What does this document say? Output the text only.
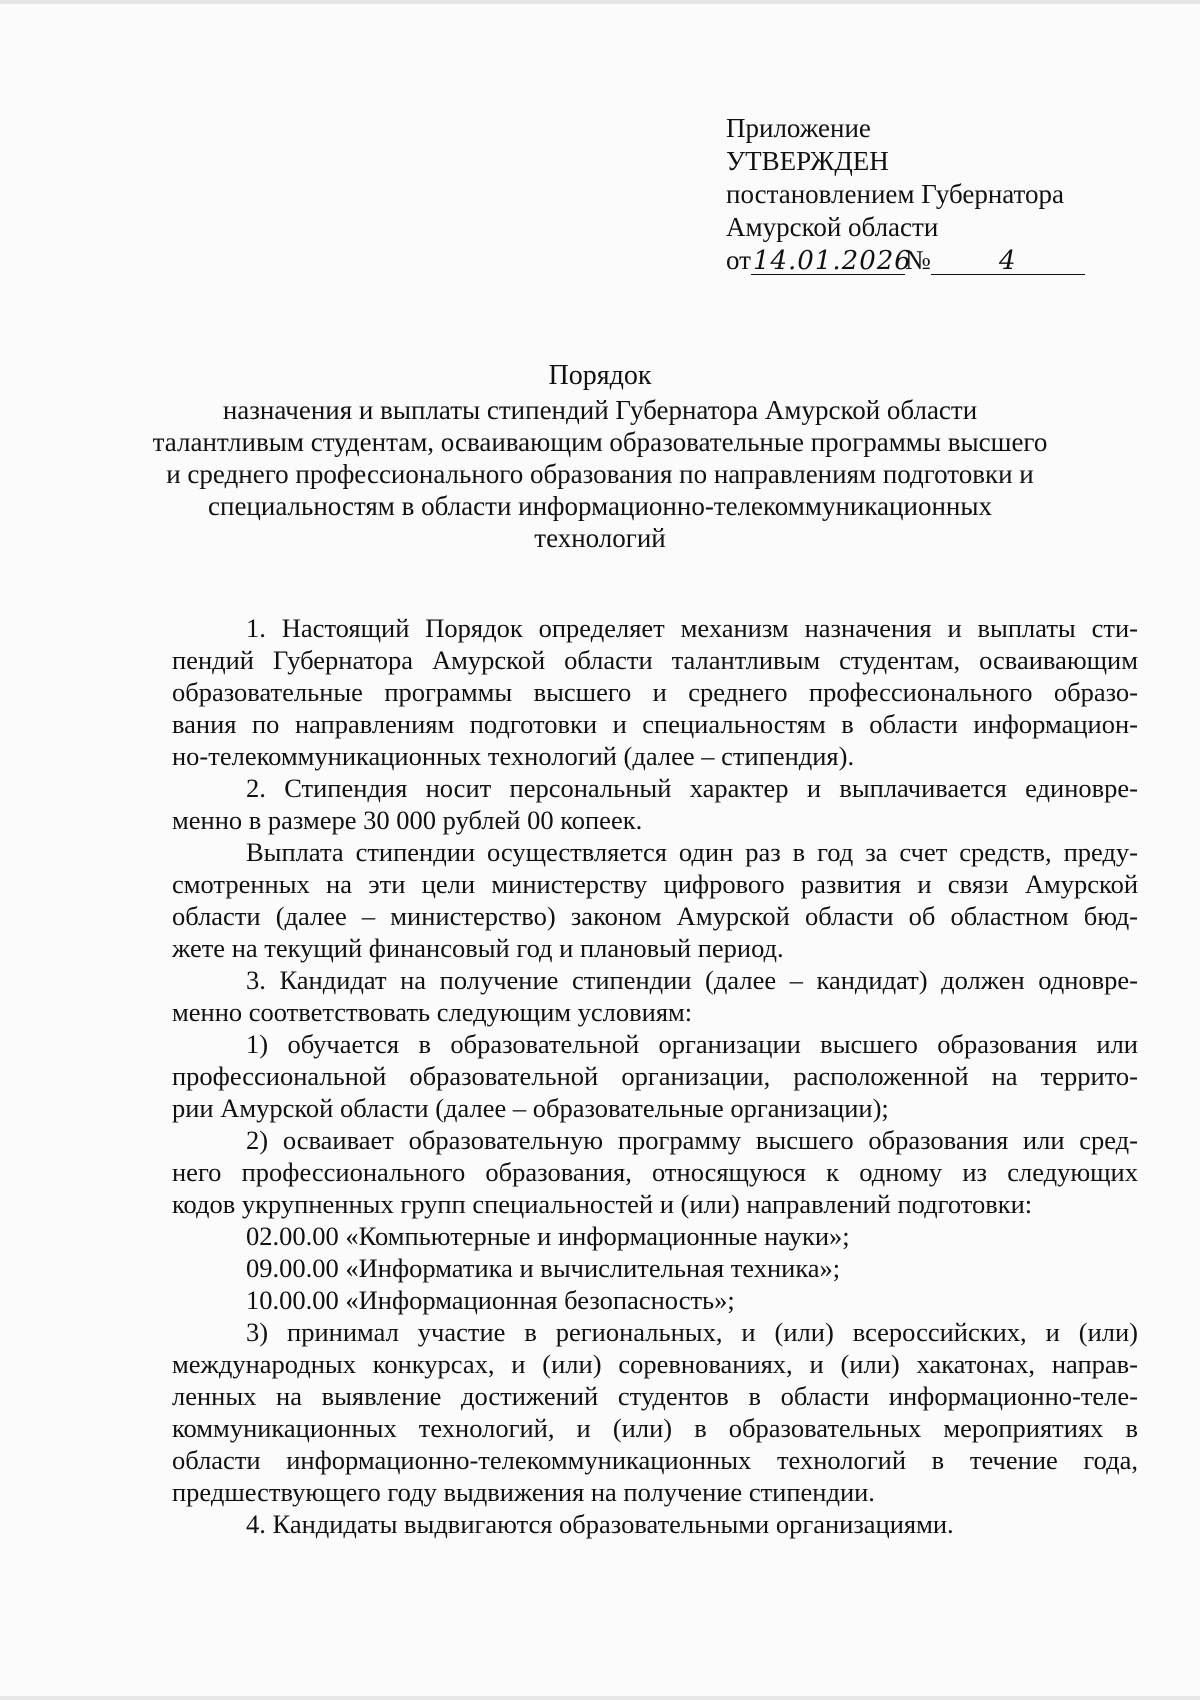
Приложение
УТВЕРЖДЕН
постановлением Губернатора
Амурской области
от14.01.2026№	4
Порядок
назначения и выплаты стипендий Губернатора Амурской области
талантливым студентам, осваивающим образовательные программы высшего
и среднего профессионального образования по направлениям подготовки и
специальностям в области информационно-телекоммуникационных
технологий
1. Настоящий Порядок определяет механизм назначения и выплаты сти-
пендий Губернатора Амурской области талантливым студентам, осваивающим
образовательные программы высшего и среднего профессионального образо-
вания по направлениям подготовки и специальностям в области информацион-
но-телекоммуникационных технологий (далее – стипендия).
2. Стипендия носит персональный характер и выплачивается единовре-
менно в размере 30 000 рублей 00 копеек.
Выплата стипендии осуществляется один раз в год за счет средств, преду-
смотренных на эти цели министерству цифрового развития и связи Амурской
области (далее – министерство) законом Амурской области об областном бюд-
жете на текущий финансовый год и плановый период.
3. Кандидат на получение стипендии (далее – кандидат) должен одновре-
менно соответствовать следующим условиям:
1) обучается в образовательной организации высшего образования или
профессиональной образовательной организации, расположенной на террито-
рии Амурской области (далее – образовательные организации);
2) осваивает образовательную программу высшего образования или сред-
него профессионального образования, относящуюся к одному из следующих
кодов укрупненных групп специальностей и (или) направлений подготовки:
02.00.00 «Компьютерные и информационные науки»;
09.00.00 «Информатика и вычислительная техника»;
10.00.00 «Информационная безопасность»;
3) принимал участие в региональных, и (или) всероссийских, и (или)
международных конкурсах, и (или) соревнованиях, и (или) хакатонах, направ-
ленных на выявление достижений студентов в области информационно-теле-
коммуникационных технологий, и (или) в образовательных мероприятиях в
области информационно-телекоммуникационных технологий в течение года,
предшествующего году выдвижения на получение стипендии.
4. Кандидаты выдвигаются образовательными организациями.
